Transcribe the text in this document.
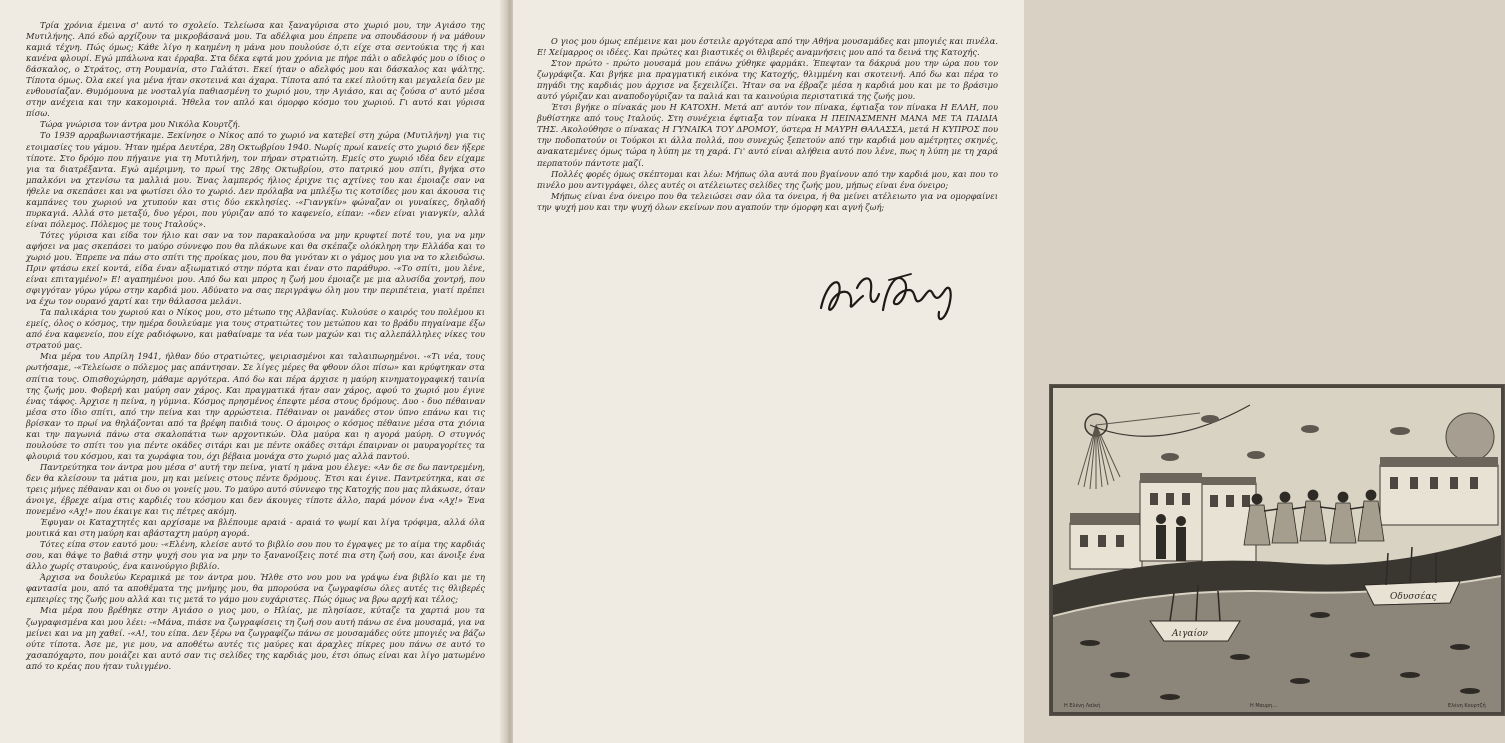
Τρία χρόνια έμεινα σ' αυτό το σχολείο. Τελείωσα και ξαναγύρισα στο χωριό μου, την Αγιάσο της Μυτιλήνης. Από εδώ αρχίζουν τα μικροβάσανά μου. Τα αδέλφια μου έπρεπε να σπουδάσουν ή να μάθουν καμιά τέχνη. Πώς όμως; Κάθε λίγο η καημένη η μάνα μου πουλούσε ό,τι είχε στα σεντούκια της ή και κανένα φλουρί. Εγώ μπάλωνα και έρραβα. Στα δέκα εφτά μου χρόνια με πήρε πάλι ο αδελφός μου ο ίδιος ο δάσκαλος, ο Στράτος, στη Ρουμανία, στο Γαλάτσι. Εκεί ήταν ο αδελφός μου και δάσκαλος και ψάλτης. Τίποτα όμως. Όλα εκεί για μένα ήταν σκοτεινά και άχαρα. Τίποτα από τα εκεί πλούτη και μεγαλεία δεν με ενθουσίαζαν. Θυμόμουνα με νοσταλγία παθιασμένη το χωριό μου, την Αγιάσο, και ας ζούσα σ' αυτό μέσα στην ανέχεια και την κακομοιριά. Ήθελα τον απλό και όμορφο κόσμο του χωριού. Γι αυτό και γύρισα πίσω.

Τώρα γνώρισα τον άντρα μου Νικόλα Κουρτζή.

Το 1939 αρραβωνιαστήκαμε. Ξεκίνησε ο Νίκος από το χωριό να κατεβεί στη χώρα (Μυτιλήνη) για τις ετοιμασίες του γάμου. Ήταν ημέρα Δευτέρα, 28η Οκτωβρίου 1940. Νωρίς πρωί κανείς στο χωριό δεν ήξερε τίποτε. Στο δρόμο που πήγαινε για τη Μυτιλήνη, τον πήραν στρατιώτη. Εμείς στο χωριό ιδέα δεν είχαμε για τα διατρέξαντα. Εγώ αμέριμνη, το πρωί της 28ης Οκτωβρίου, στο πατρικό μου σπίτι, βγήκα στο μπαλκόνι να χτενίσω τα μαλλιά μου. Ένας λαμπερός ήλιος έριχνε τις αχτίνες του και έμοιαζε σαν να ήθελε να σκεπάσει και να φωτίσει όλο το χωριό. Δεν πρόλαβα να μπλέξω τις κοτσίδες μου και άκουσα τις καμπάνες του χωριού να χτυπούν και στις δύο εκκλησίες. -«Γιανγκίν» φώναζαν οι γυναίκες, δηλαδή πυρκαγιά. Αλλά στο μεταξύ, δυο γέροι, που γύριζαν από το καφενείο, είπαν: -«δεν είναι γιανγκίν, αλλά είναι πόλεμος. Πόλεμος με τους Ιταλούς».

Τότες γύρισα και είδα τον ήλιο και σαν να τον παρακαλούσα να μην κρυφτεί ποτέ του, για να μην αφήσει να μας σκεπάσει το μαύρο σύννεφο που θα πλάκωνε και θα σκέπαζε ολόκληρη την Ελλάδα και το χωριό μου. Έπρεπε να πάω στο σπίτι της προίκας μου, που θα γινόταν κι ο γάμος μου για να το κλειδώσω. Πριν φτάσω εκεί κοντά, είδα έναν αξιωματικό στην πόρτα και έναν στο παράθυρο. -«Το σπίτι, μου λένε, είναι επιταγμένο!» Ε! αγαπημένοι μου. Από δω και μπρος η ζωή μου έμοιαζε με μια αλυσίδα χοντρή, που σφιγγόταν γύρω γύρω στην καρδιά μου. Αδύνατο να σας περιγράψω όλη μου την περιπέτεια, γιατί πρέπει να έχω τον ουρανό χαρτί και την θάλασσα μελάνι.

Τα παλικάρια του χωριού και ο Νίκος μου, στο μέτωπο της Αλβανίας. Κυλούσε ο καιρός του πολέμου κι εμείς, όλος ο κόσμος, την ημέρα δουλεύαμε για τους στρατιώτες του μετώπου και το βράδυ πηγαίναμε έξω από ένα καφενείο, που είχε ραδιόφωνο, και μαθαίναμε τα νέα των μαχών και τις αλλεπάλληλες νίκες του στρατού μας.

Μια μέρα του Απρίλη 1941, ήλθαν δύο στρατιώτες, ψειριασμένοι και ταλαιπωρημένοι. -«Τι νέα, τους ρωτήσαμε, -«Τελείωσε ο πόλεμος μας απάντησαν. Σε λίγες μέρες θα φθουν όλοι πίσω» και κρύφτηκαν στα σπίτια τους. Οπισθοχώρηση, μάθαμε αργότερα. Από δω και πέρα άρχισε η μαύρη κινηματογραφική ταινία της ζωής μου. Φοβερή και μαύρη σαν χάρος. Και πραγματικά ήταν σαν χάρος, αφού το χωριό μου έγινε ένας τάφος. Άρχισε η πείνα, η γύμνια. Κόσμος πρησμένος έπεφτε μέσα στους δρόμους. Δυο - δυο πέθαιναν μέσα στο ίδιο σπίτι, από την πείνα και την αρρώστεια. Πέθαιναν οι μανάδες στον ύπνο επάνω και τις βρίσκαν το πρωί να θηλάζονται από τα βρέφη παιδιά τους. Ο άμοιρος ο κόσμος πέθαινε μέσα στα χιόνια και την παγωνιά πάνω στα σκαλοπάτια των αρχοντικών. Όλα μαύρα και η αγορά μαύρη. Ο στυγνός πουλούσε το σπίτι του για πέντε οκάδες σιτάρι και με πέντε οκάδες σιτάρι έπαιρναν οι μαυραγορίτες τα φλουριά του κόσμου, και τα χωράφια του, όχι βέβαια μονάχα στο χωριό μας αλλά παντού.

Παντρεύτηκα τον άντρα μου μέσα σ' αυτή την πείνα, γιατί η μάνα μου έλεγε: «Αν δε σε δω παντρεμένη, δεν θα κλείσουν τα μάτια μου, μη και μείνεις στους πέντε δρόμους. Έτσι και έγινε. Παντρεύτηκα, και σε τρεις μήνες πέθαναν και οι δυο οι γονείς μου. Το μαύρο αυτό σύννεφο της Κατοχής που μας πλάκωσε, όταν άνοιγε, έβρεχε αίμα στις καρδιές του κόσμου και δεν άκουγες τίποτε άλλο, παρά μόνον ένα «Αχ!» Ένα πονεμένο «Αχ!» που έκαιγε και τις πέτρες ακόμη.

Έφυγαν οι Καταχτητές και αρχίσαμε να βλέπουμε αραιά - αραιά το ψωμί και λίγα τρόφιμα, αλλά όλα μουτικά και στη μαύρη και αβάσταχτη μαύρη αγορά.

Τότες είπα στον εαυτό μου: -«Ελένη, κλείσε αυτό το βιβλίο σου που το έγραψες με το αίμα της καρδιάς σου, και θάψε το βαθιά στην ψυχή σου για να μην το ξανανοίξεις ποτέ πια στη ζωή σου, και άνοιξε ένα άλλο χωρίς σταυρούς, ένα καινούργιο βιβλίο.

Άρχισα να δουλεύω Κεραμικά με τον άντρα μου. Ήλθε στο νου μου να γράψω ένα βιβλίο και με τη φαντασία μου, από τα αποθέματα της μνήμης μου, θα μπορούσα να ζωγραφίσω όλες αυτές τις θλιβερές εμπειρίες της ζωής μου αλλά και τις μετά το γάμο μου ευχάριστες. Πώς όμως να βρω αρχή και τέλος;

Μια μέρα που βρέθηκε στην Αγιάσο ο γιος μου, ο Ηλίας, με πλησίασε, κύταζε τα χαρτιά μου τα ζωγραφισμένα και μου λέει: -«Μάνα, πιάσε να ζωγραφίσεις τη ζωή σου αυτή πάνω σε ένα μουσαμά, για να μείνει και να μη χαθεί. -«Α!, του είπα. Δεν ξέρω να ζωγραφίζω πάνω σε μουσαμάδες ούτε μπογιές να βάζω ούτε τίποτα. Άσε με, γιε μου, να αποθέτω αυτές τις μαύρες και άραχλες πίκρες μου πάνω σε αυτό το χασαπόχαρτο, που μοιάζει και αυτό σαν τις σελίδες της καρδιάς μου, έτσι όπως είναι και λίγο ματωμένο από το κρέας που ήταν τυλιγμένο.

Ο γιος μου όμως επέμεινε και μου έστειλε αργότερα από την Αθήνα μουσαμάδες και μπογιές και πινέλα. Ε! Χείμαρρος οι ιδέες. Και πρώτες και βιαστικές οι θλιβερές αναμνήσεις μου από τα δεινά της Κατοχής.

Στον πρώτο - πρώτο μουσαμά μου επάνω χύθηκε φαρμάκι. Έπεφταν τα δάκρυά μου την ώρα που τον ζωγράφιζα. Και βγήκε μια πραγματική εικόνα της Κατοχής, θλιμμένη και σκοτεινή. Από δω και πέρα το πηγάδι της καρδιάς μου άρχισε να ξεχειλίζει. Ήταν σα να έβραζε μέσα η καρδιά μου και με το βράσιμο αυτό γύριζαν και αναποδογύριζαν τα παλιά και τα καινούρια περιστατικά της ζωής μου.

Έτσι βγήκε ο πίνακάς μου Η ΚΑΤΟΧΗ. Μετά απ' αυτόν τον πίνακα, έφτιαξα τον πίνακα Η ΕΛΛΗ, που βυθίστηκε από τους Ιταλούς. Στη συνέχεια έφτιαξα τον πίνακα Η ΠΕΙΝΑΣΜΕΝΗ ΜΑΝΑ ΜΕ ΤΑ ΠΑΙΔΙΑ ΤΗΣ. Ακολούθησε ο πίνακας Η ΓΥΝΑΙΚΑ ΤΟΥ ΔΡΟΜΟΥ, ύστερα Η ΜΑΥΡΗ ΘΑΛΑΣΣΑ, μετά Η ΚΥΠΡΟΣ που την ποδοπατούν οι Τούρκοι κι άλλα πολλά, που συνεχώς ξεπετούν από την καρδιά μου αμέτρητες σκηνές, ανακατεμένες όμως τώρα η λύπη με τη χαρά. Γι' αυτό είναι αλήθεια αυτό που λένε, πως η λύπη με τη χαρά περπατούν πάντοτε μαζί.

Πολλές φορές όμως σκέπτομαι και λέω: Μήπως όλα αυτά που βγαίνουν από την καρδιά μου, και που το πινέλο μου αντιγράφει, όλες αυτές οι ατέλειωτες σελίδες της ζωής μου, μήπως είναι ένα όνειρο;

Μήπως είναι ένα όνειρο που θα τελειώσει σαν όλα τα όνειρα, ή θα μείνει ατέλειωτο για να ομορφαίνει την ψυχή μου και την ψυχή όλων εκείνων που αγαπούν την όμορφη και αγνή ζωή;

Αιγαίον
Οδυσσέας
Η Ελένη Λαϊκή	Η Μαυρη...	Ελένη Κουρτζή
